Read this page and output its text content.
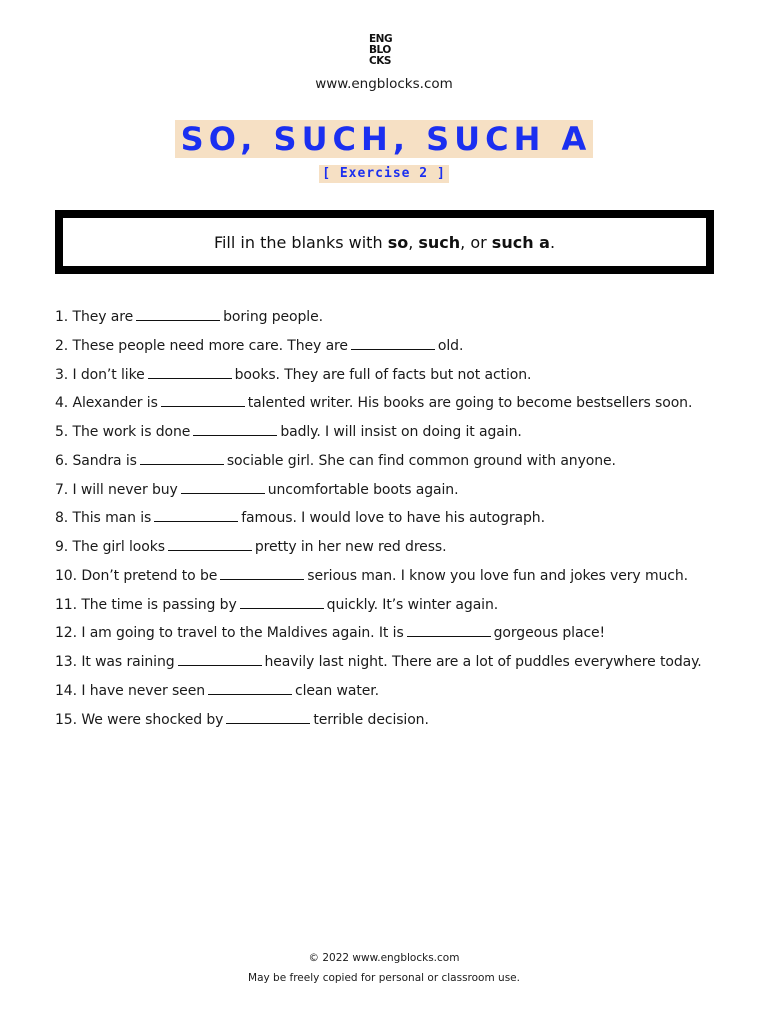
ENG
BLO
CKS
www.engblocks.com
SO, SUCH, SUCH A
[ Exercise 2 ]
Fill in the blanks with so, such, or such a.
1. They are	boring people.
2. These people need more care. They are	old.
3. I don’t like	books. They are full of facts but not action.
4. Alexander is	talented writer. His books are going to become bestsellers soon.
5. The work is done	badly. I will insist on doing it again.
6. Sandra is	sociable girl. She can find common ground with anyone.
7. I will never buy	uncomfortable boots again.
8. This man is	famous. I would love to have his autograph.
9. The girl looks	pretty in her new red dress.
10. Don’t pretend to be	serious man. I know you love fun and jokes very much.
11. The time is passing by	quickly. It’s winter again.
12. I am going to travel to the Maldives again. It is	gorgeous place!
13. It was raining	heavily last night. There are a lot of puddles everywhere today.
14. I have never seen	clean water.
15. We were shocked by	terrible decision.
© 2022 www.engblocks.com
May be freely copied for personal or classroom use.
